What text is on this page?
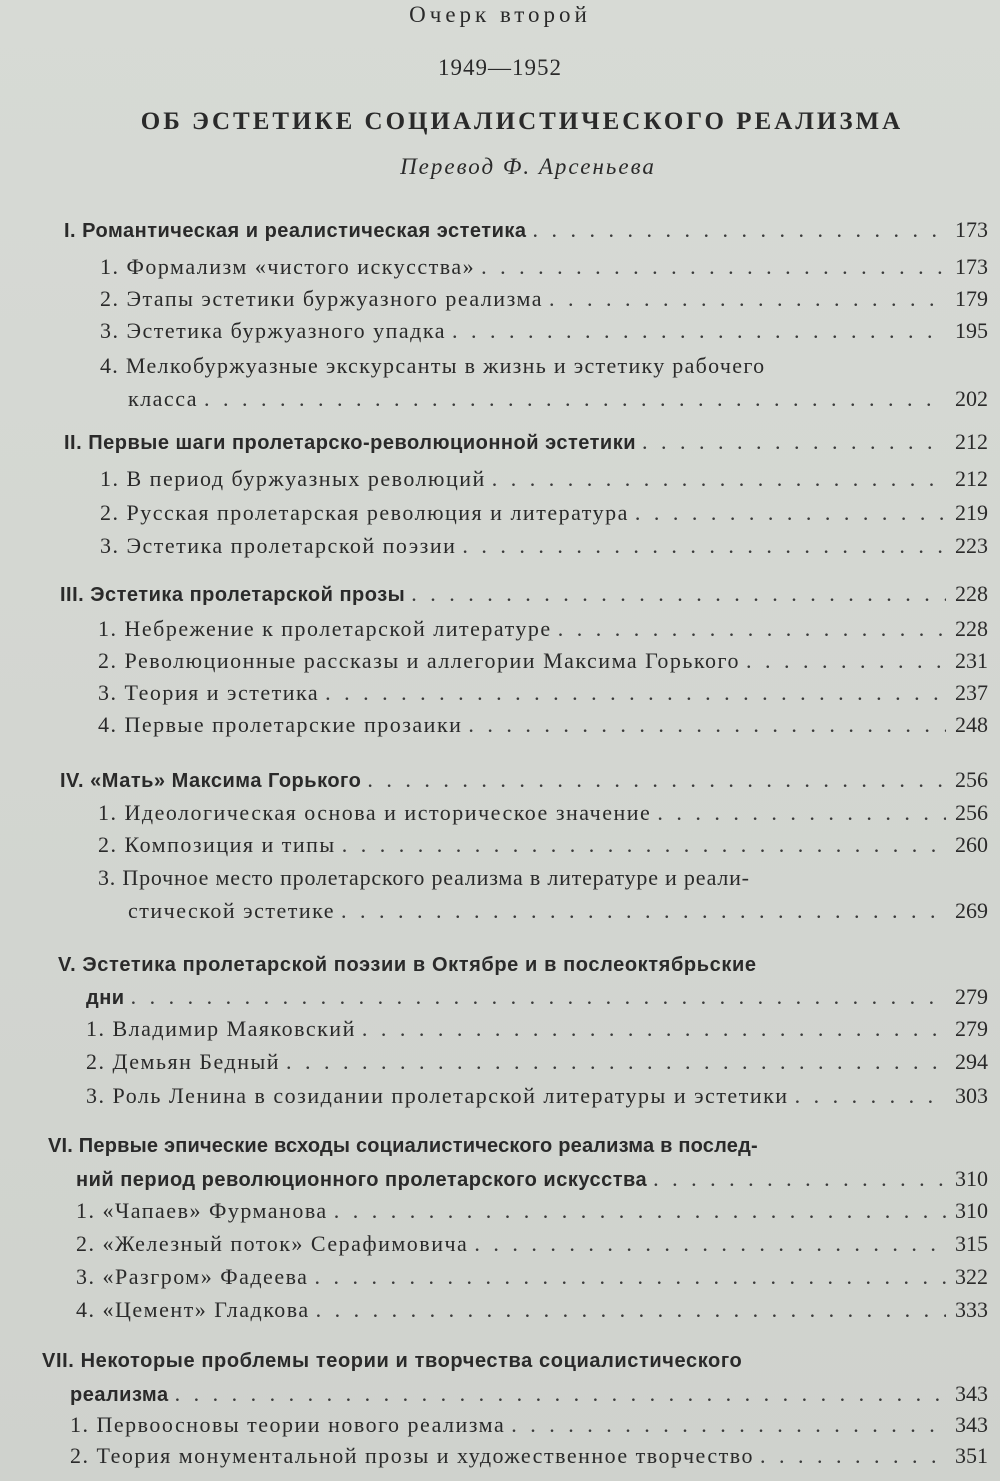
Очерк второй
1949—1952
ОБ ЭСТЕТИКЕ СОЦИАЛИСТИЧЕСКОГО РЕАЛИЗМА
Перевод Ф. Арсеньева
I. Романтическая и реалистическая эстетика . . .	173
1. Формализм «чистого искусства» . . .	173
2. Этапы эстетики буржуазного реализма . . .	179
3. Эстетика буржуазного упадка . . .	195
4. Мелкобуржуазные экскурсанты в жизнь и эстетику рабочего
класса . . .	202
II. Первые шаги пролетарско-революционной эстетики . . .	212
1. В период буржуазных революций . . .	212
2. Русская пролетарская революция и литература . . .	219
3. Эстетика пролетарской поэзии . . .	223
III. Эстетика пролетарской прозы . . .	228
1. Небрежение к пролетарской литературе . . .	228
2. Революционные рассказы и аллегории Максима Горького . . .	231
3. Теория и эстетика . . .	237
4. Первые пролетарские прозаики . . .	248
IV. «Мать» Максима Горького . . .	256
1. Идеологическая основа и историческое значение . . .	256
2. Композиция и типы . . .	260
3. Прочное место пролетарского реализма в литературе и реали-
стической эстетике . . .	269
V. Эстетика пролетарской поэзии в Октябре и в послеоктябрьские
дни . . .	279
1. Владимир Маяковский . . .	279
2. Демьян Бедный . . .	294
3. Роль Ленина в созидании пролетарской литературы и эстетики . . .	303
VI. Первые эпические всходы социалистического реализма в послед-
ний период революционного пролетарского искусства . . .	310
1. «Чапаев» Фурманова . . .	310
2. «Железный поток» Серафимовича . . .	315
3. «Разгром» Фадеева . . .	322
4. «Цемент» Гладкова . . .	333
VII. Некоторые проблемы теории и творчества социалистического
реализма . . .	343
1. Первоосновы теории нового реализма . . .	343
2. Теория монументальной прозы и художественное творчество . . .	351
